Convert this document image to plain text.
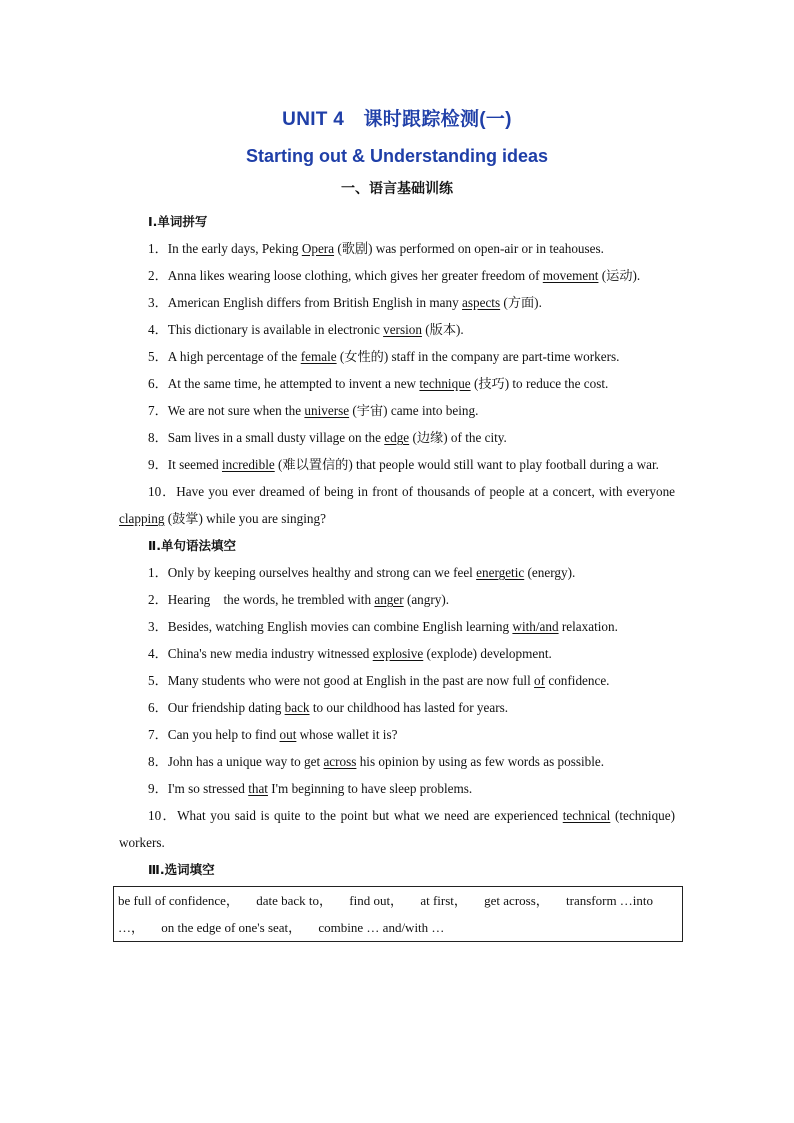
UNIT 4　课时跟踪检测(一)
Starting out & Understanding ideas
一、语言基础训练
Ⅰ.单词拼写
1．In the early days, Peking Opera (歌剧) was performed on open-air or in teahouses.
2．Anna likes wearing loose clothing, which gives her greater freedom of movement (运动).
3．American English differs from British English in many aspects (方面).
4．This dictionary is available in electronic version (版本).
5．A high percentage of the female (女性的) staff in the company are part-time workers.
6．At the same time, he attempted to invent a new technique (技巧) to reduce the cost.
7．We are not sure when the universe (宇宙) came into being.
8．Sam lives in a small dusty village on the edge (边缘) of the city.
9．It seemed incredible (难以置信的) that people would still want to play football during a war.
10．Have you ever dreamed of being in front of thousands of people at a concert, with everyone clapping (鼓掌) while you are singing?
Ⅱ.单句语法填空
1．Only by keeping ourselves healthy and strong can we feel energetic (energy).
2．Hearing　the words, he trembled with anger (angry).
3．Besides, watching English movies can combine English learning with/and relaxation.
4．China's new media industry witnessed explosive (explode) development.
5．Many students who were not good at English in the past are now full of confidence.
6．Our friendship dating back to our childhood has lasted for years.
7．Can you help to find out whose wallet it is?
8．John has a unique way to get across his opinion by using as few words as possible.
9．I'm so stressed that I'm beginning to have sleep problems.
10．What you said is quite to the point but what we need are experienced technical (technique) workers.
Ⅲ.选词填空
be full of confidence， date back to， find out， at first， get across， transform …into …， on the edge of one's seat， combine … and/with …
